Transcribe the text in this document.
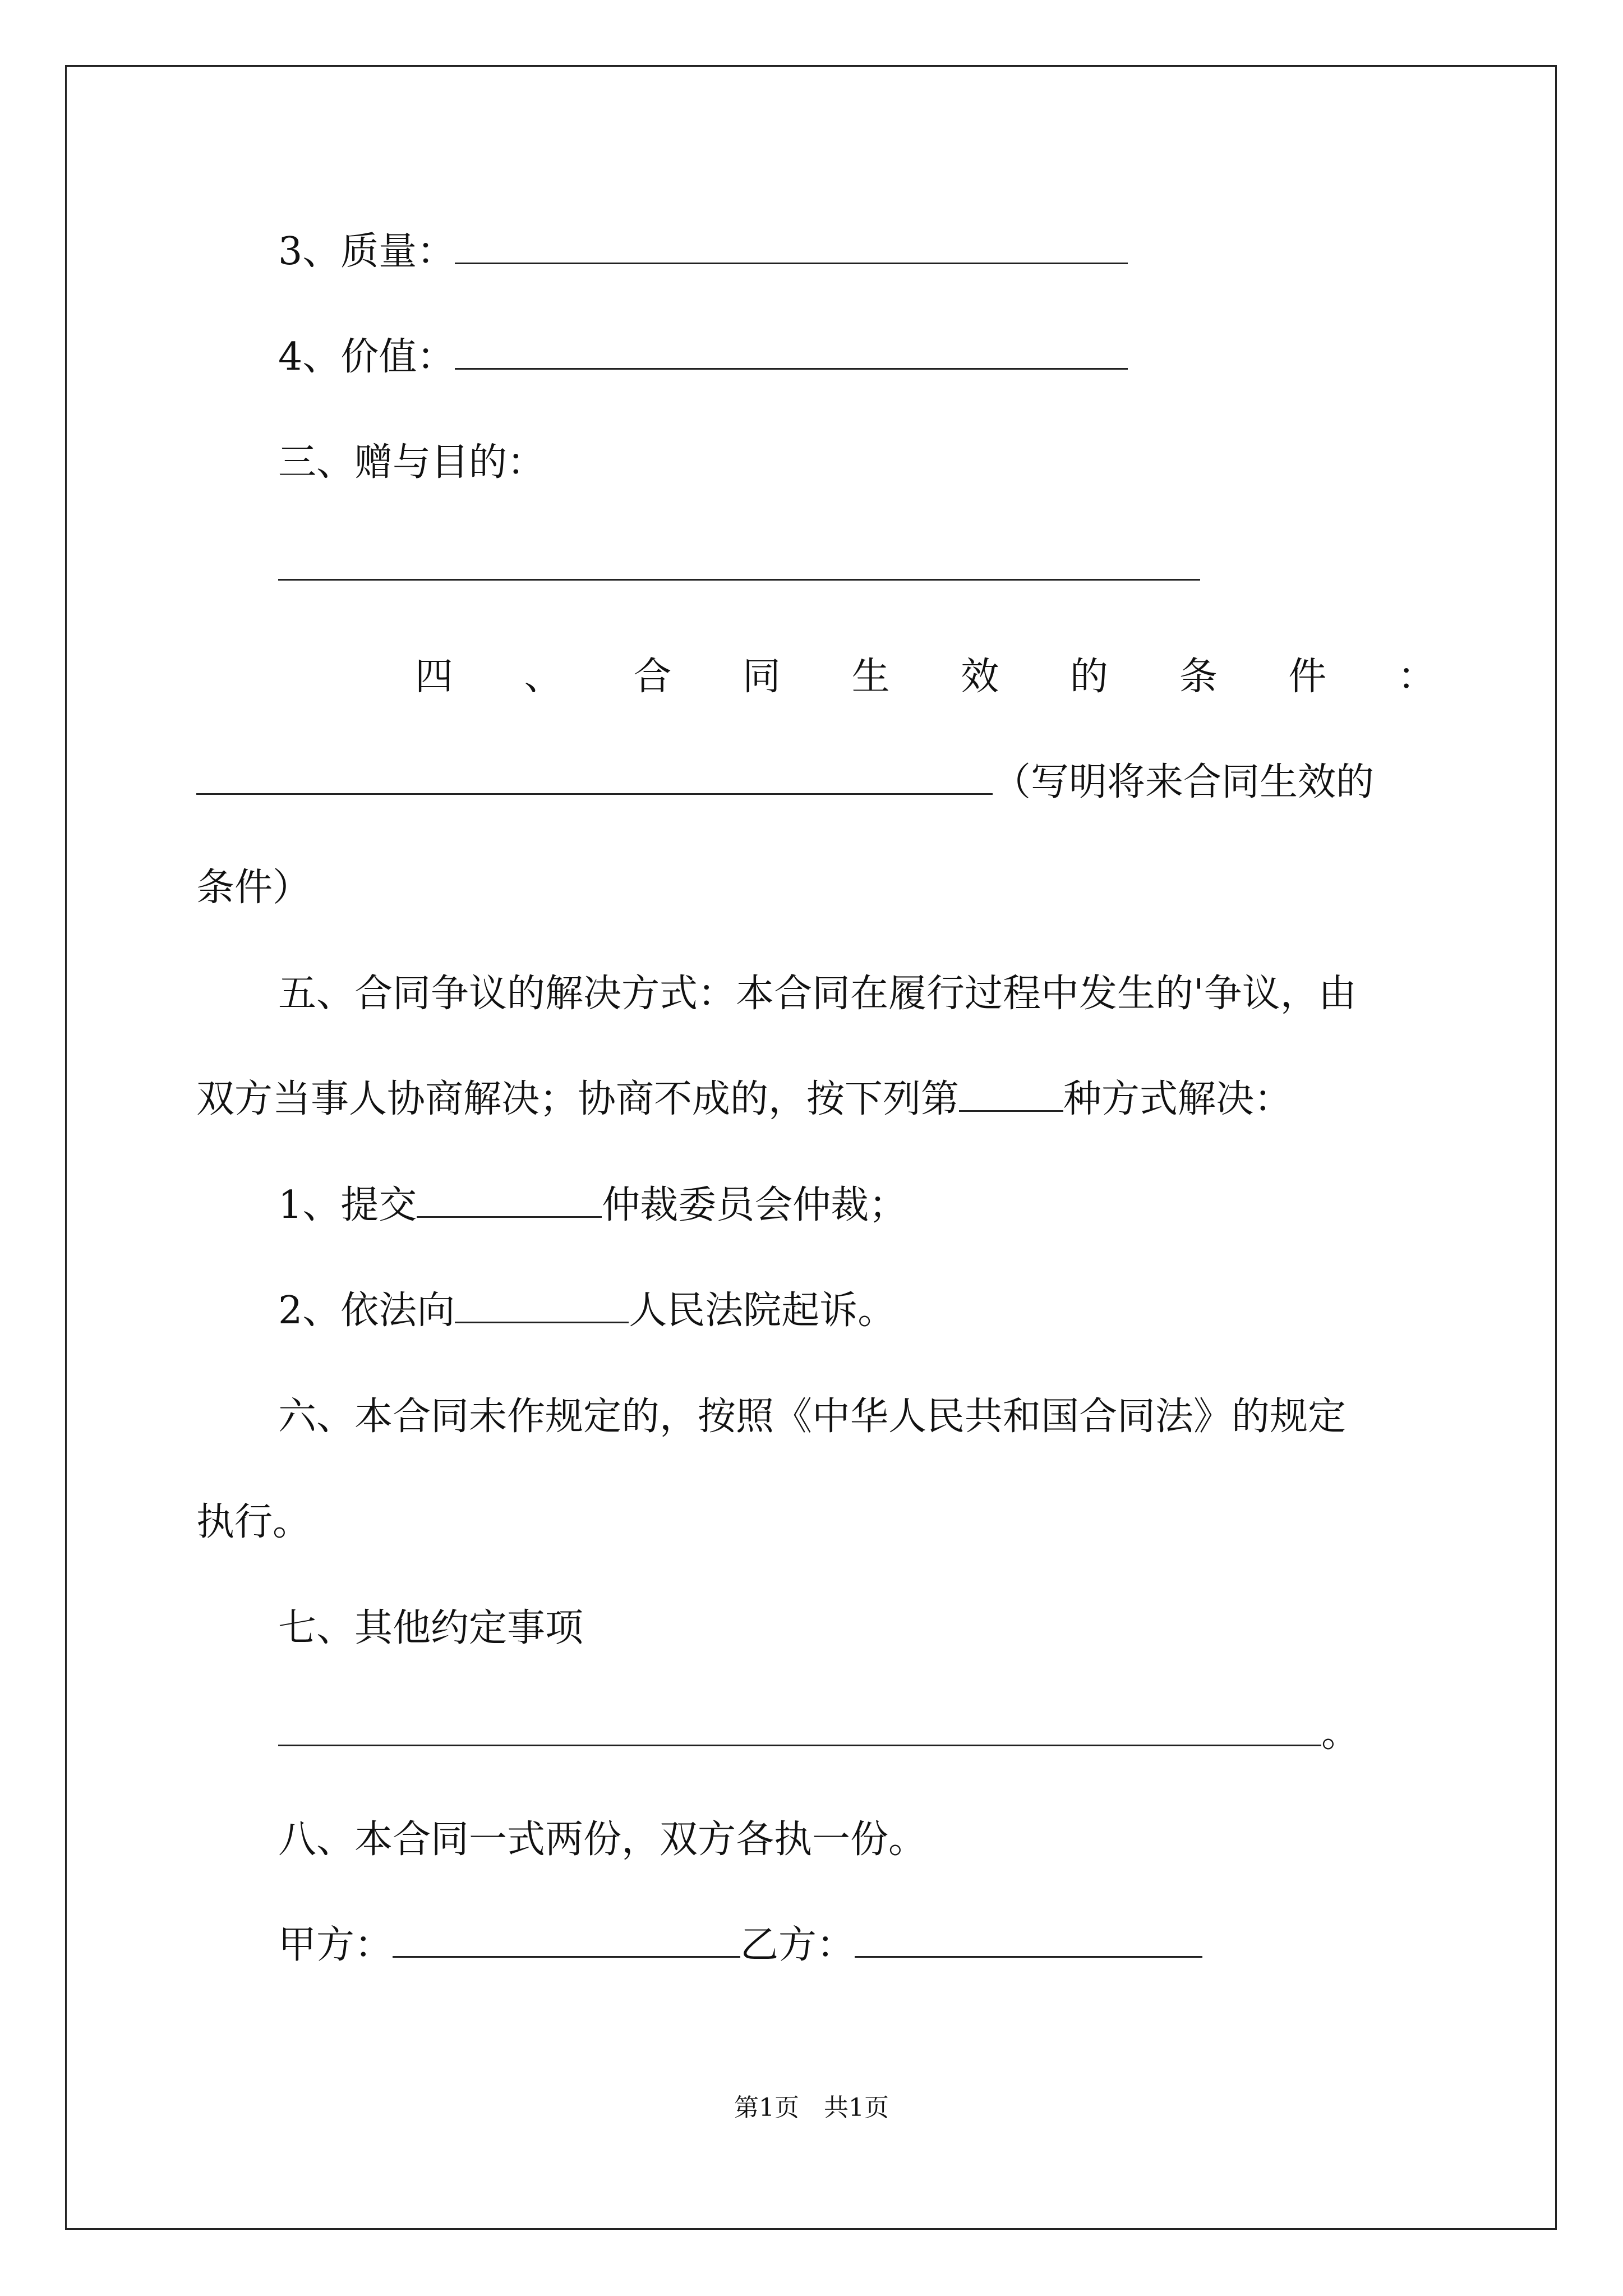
3、质量：
4、价值：
三、赠与目的：
四 、 合 同 生 效 的 条 件 ：
（写明将来合同生效的
条件）
五、合同争议的解决方式：本合同在履行过程中发生的'争议，由
双方当事人协商解决；协商不成的，按下列第	种方式解决：
1、提交	仲裁委员会仲裁；
2、依法向	人民法院起诉。
六、本合同未作规定的，按照《中华人民共和国合同法》的规定
执行。
七、其他约定事项
。
八、本合同一式两份，双方各执一份。
甲方：	乙方：
第1页　共1页
